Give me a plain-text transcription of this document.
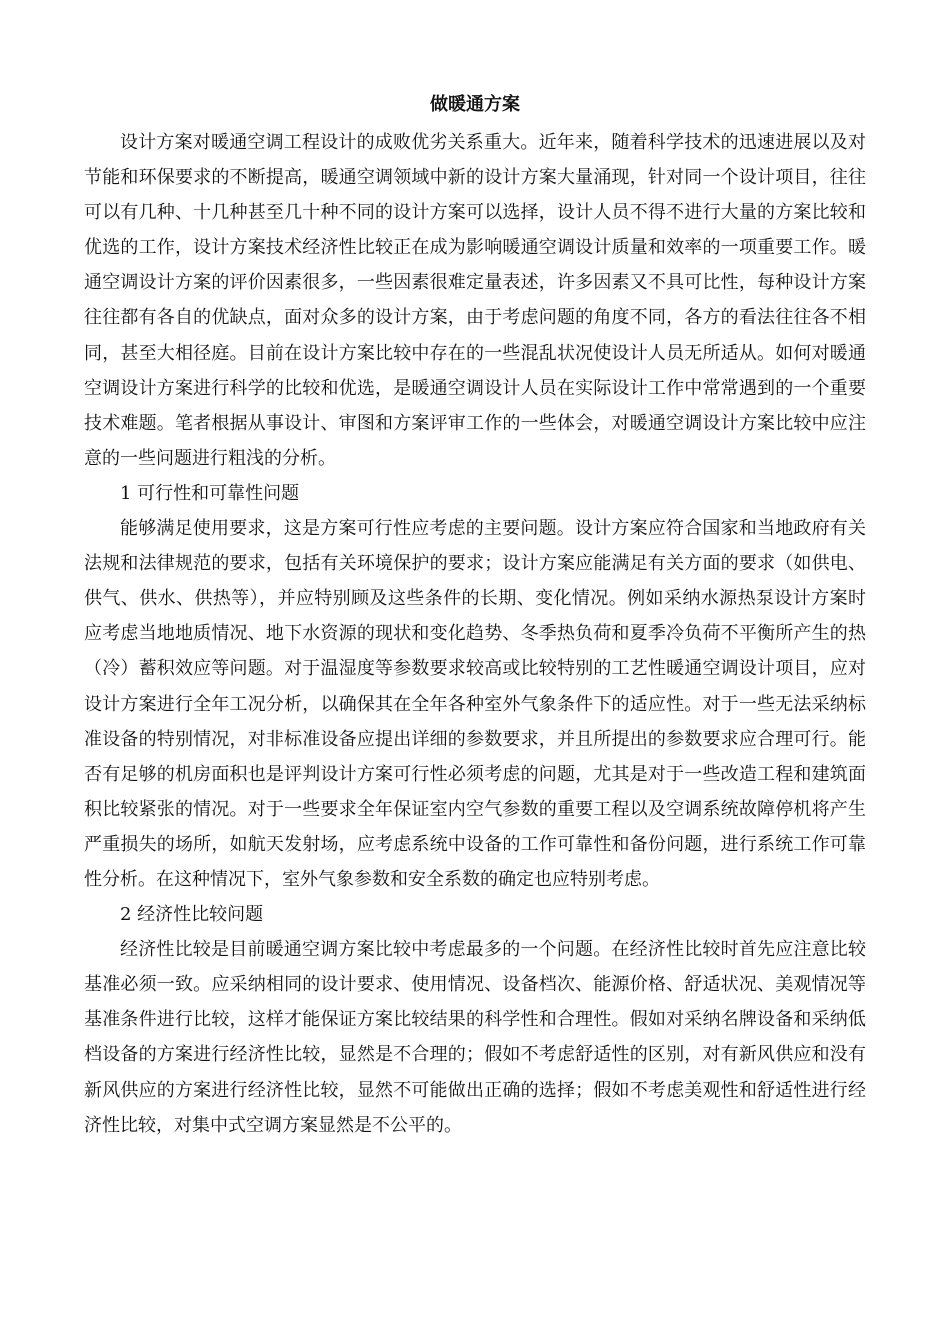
做暖通方案

设计方案对暖通空调工程设计的成败优劣关系重大。近年来，随着科学技术的迅速进展以及对节能和环保要求的不断提高，暖通空调领域中新的设计方案大量涌现，针对同一个设计项目，往往可以有几种、十几种甚至几十种不同的设计方案可以选择，设计人员不得不进行大量的方案比较和优选的工作，设计方案技术经济性比较正在成为影响暖通空调设计质量和效率的一项重要工作。暖通空调设计方案的评价因素很多，一些因素很难定量表述，许多因素又不具可比性，每种设计方案往往都有各自的优缺点，面对众多的设计方案，由于考虑问题的角度不同，各方的看法往往各不相同，甚至大相径庭。目前在设计方案比较中存在的一些混乱状况使设计人员无所适从。如何对暖通空调设计方案进行科学的比较和优选，是暖通空调设计人员在实际设计工作中常常遇到的一个重要技术难题。笔者根据从事设计、审图和方案评审工作的一些体会，对暖通空调设计方案比较中应注意的一些问题进行粗浅的分析。

1 可行性和可靠性问题

能够满足使用要求，这是方案可行性应考虑的主要问题。设计方案应符合国家和当地政府有关法规和法律规范的要求，包括有关环境保护的要求；设计方案应能满足有关方面的要求（如供电、供气、供水、供热等），并应特别顾及这些条件的长期、变化情况。例如采纳水源热泵设计方案时应考虑当地地质情况、地下水资源的现状和变化趋势、冬季热负荷和夏季冷负荷不平衡所产生的热（冷）蓄积效应等问题。对于温湿度等参数要求较高或比较特别的工艺性暖通空调设计项目，应对设计方案进行全年工况分析，以确保其在全年各种室外气象条件下的适应性。对于一些无法采纳标准设备的特别情况，对非标准设备应提出详细的参数要求，并且所提出的参数要求应合理可行。能否有足够的机房面积也是评判设计方案可行性必须考虑的问题，尤其是对于一些改造工程和建筑面积比较紧张的情况。对于一些要求全年保证室内空气参数的重要工程以及空调系统故障停机将产生严重损失的场所，如航天发射场，应考虑系统中设备的工作可靠性和备份问题，进行系统工作可靠性分析。在这种情况下，室外气象参数和安全系数的确定也应特别考虑。

2 经济性比较问题

经济性比较是目前暖通空调方案比较中考虑最多的一个问题。在经济性比较时首先应注意比较基准必须一致。应采纳相同的设计要求、使用情况、设备档次、能源价格、舒适状况、美观情况等基准条件进行比较，这样才能保证方案比较结果的科学性和合理性。假如对采纳名牌设备和采纳低档设备的方案进行经济性比较，显然是不合理的；假如不考虑舒适性的区别，对有新风供应和没有新风供应的方案进行经济性比较，显然不可能做出正确的选择；假如不考虑美观性和舒适性进行经济性比较，对集中式空调方案显然是不公平的。
